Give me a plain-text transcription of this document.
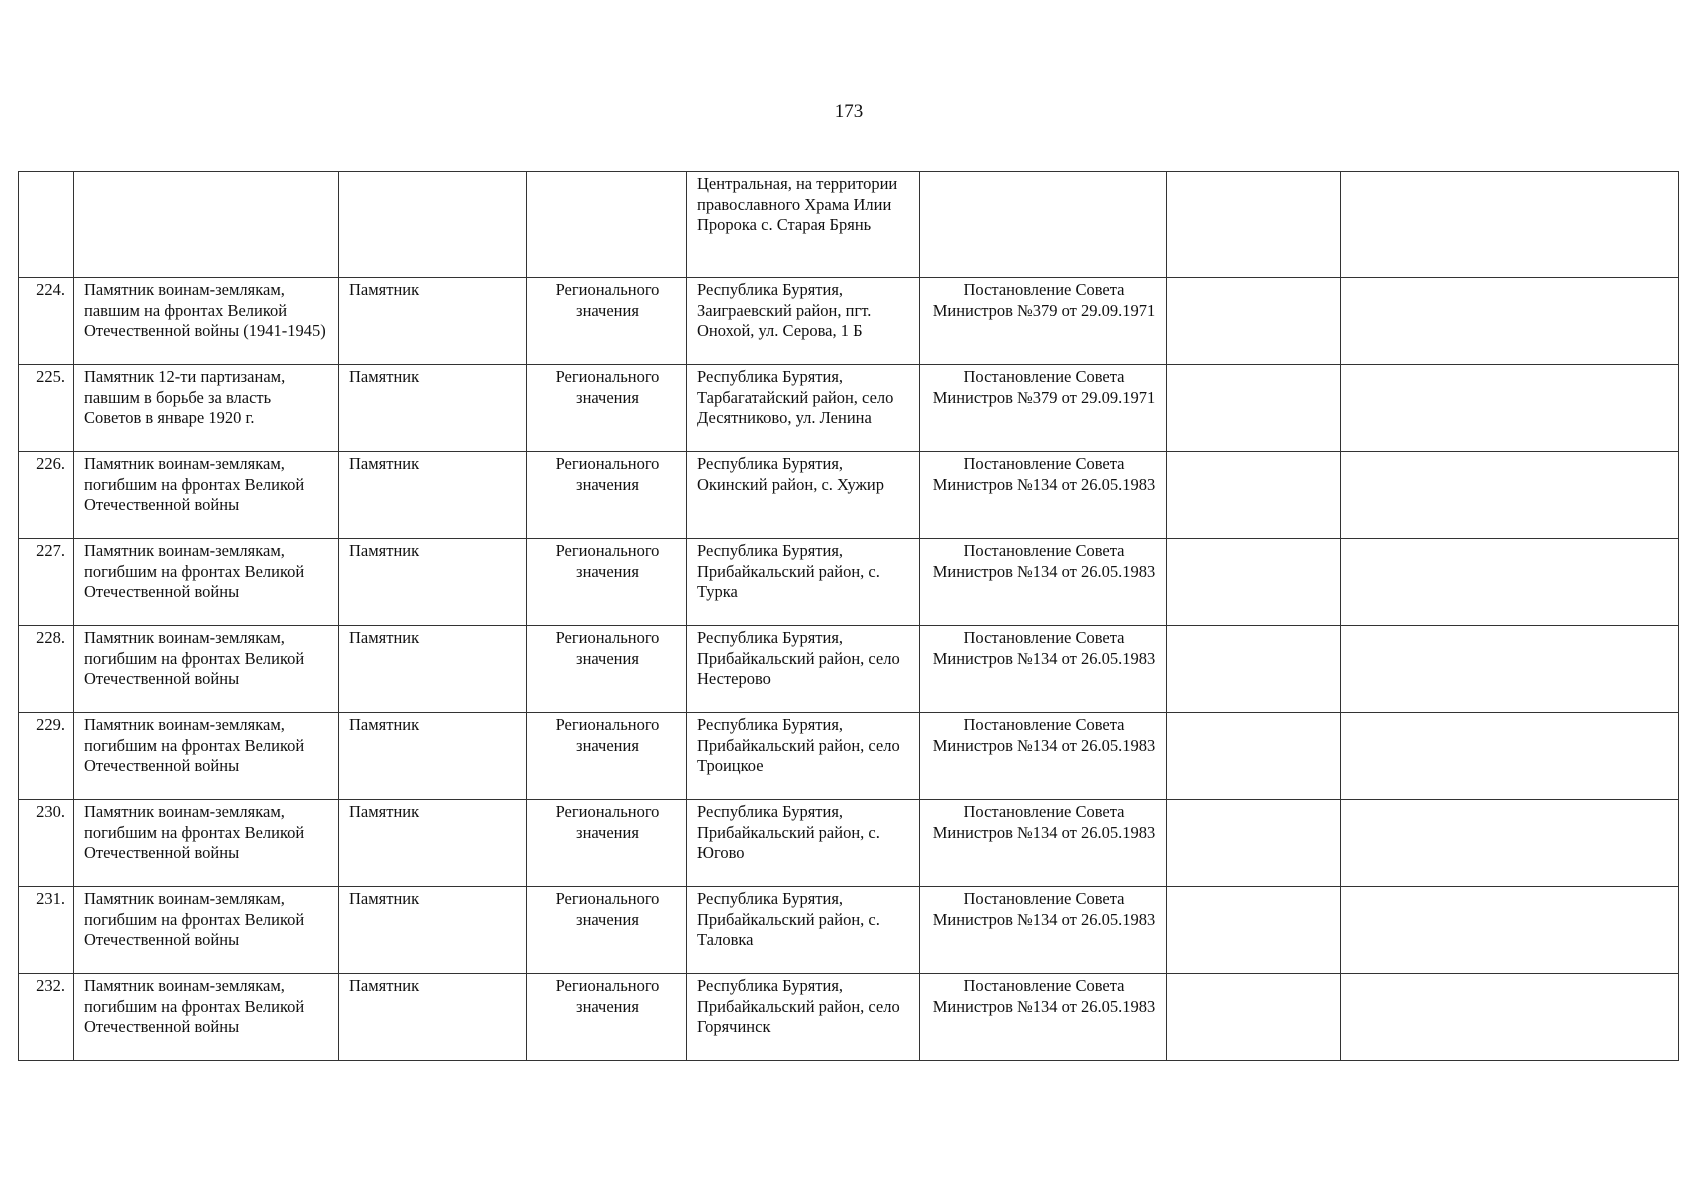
173
				Центральная, на территории православного Храма Илии Пророка с. Старая Брянь			
224.	Памятник воинам-землякам, павшим на фронтах Великой Отечественной войны (1941-1945)	Памятник	Регионального значения	Республика Бурятия, Заиграевский район, пгт. Онохой, ул. Серова, 1 Б	Постановление Совета Министров №379 от 29.09.1971		
225.	Памятник 12-ти партизанам, павшим в борьбе за власть Советов в январе 1920 г.	Памятник	Регионального значения	Республика Бурятия, Тарбагатайский район, село Десятниково, ул. Ленина	Постановление Совета Министров №379 от 29.09.1971		
226.	Памятник воинам-землякам, погибшим на фронтах Великой Отечественной войны	Памятник	Регионального значения	Республика Бурятия, Окинский район, с. Хужир	Постановление Совета Министров №134 от 26.05.1983		
227.	Памятник воинам-землякам, погибшим на фронтах Великой Отечественной войны	Памятник	Регионального значения	Республика Бурятия, Прибайкальский район, с. Турка	Постановление Совета Министров №134 от 26.05.1983		
228.	Памятник воинам-землякам, погибшим на фронтах Великой Отечественной войны	Памятник	Регионального значения	Республика Бурятия, Прибайкальский район, село Нестерово	Постановление Совета Министров №134 от 26.05.1983		
229.	Памятник воинам-землякам, погибшим на фронтах Великой Отечественной войны	Памятник	Регионального значения	Республика Бурятия, Прибайкальский район, село Троицкое	Постановление Совета Министров №134 от 26.05.1983		
230.	Памятник воинам-землякам, погибшим на фронтах Великой Отечественной войны	Памятник	Регионального значения	Республика Бурятия, Прибайкальский район, с. Югово	Постановление Совета Министров №134 от 26.05.1983		
231.	Памятник воинам-землякам, погибшим на фронтах Великой Отечественной войны	Памятник	Регионального значения	Республика Бурятия, Прибайкальский район, с. Таловка	Постановление Совета Министров №134 от 26.05.1983		
232.	Памятник воинам-землякам, погибшим на фронтах Великой Отечественной войны	Памятник	Регионального значения	Республика Бурятия, Прибайкальский район, село Горячинск	Постановление Совета Министров №134 от 26.05.1983		
